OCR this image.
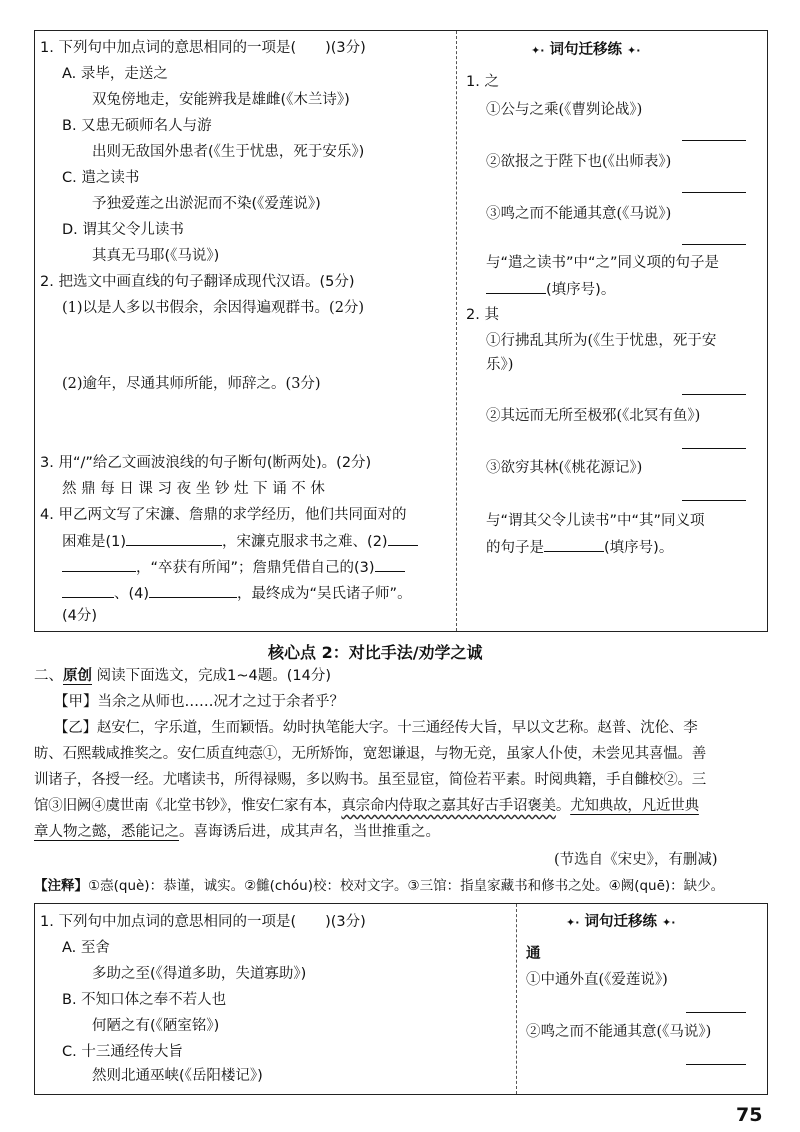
1. 下列句中加点词的意思相同的一项是(　　)(3分)
A. 录毕，走送之
双兔傍地走，安能辨我是雄雌(《木兰诗》)
B. 又患无硕师名人与游
出则无敌国外患者(《生于忧患，死于安乐》)
C. 遣之读书
予独爱莲之出淤泥而不染(《爱莲说》)
D. 谓其父令儿读书
其真无马耶(《马说》)
2. 把选文中画直线的句子翻译成现代汉语。(5分)
(1)以是人多以书假余，余因得遍观群书。(2分)
(2)逾年，尽通其师所能，师辞之。(3分)
3. 用“/”给乙文画波浪线的句子断句(断两处)。(2分)
然 鼎 每 日 课 习 夜 坐 钞 灶 下 诵 不 休
4. 甲乙两文写了宋濂、詹鼎的求学经历，他们共同面对的
困难是(1)	，宋濂克服求书之难、(2)
，“卒获有所闻”；詹鼎凭借自己的(3)
、(4)	，最终成为“吴氏诸子师”。
(4分)
✦· 词句迁移练 ✦·
1. 之
①公与之乘(《曹刿论战》)
②欲报之于陛下也(《出师表》)
③鸣之而不能通其意(《马说》)
与“遣之读书”中“之”同义项的句子是
(填序号)。
2. 其
①行拂乱其所为(《生于忧患，死于安
乐》)
②其远而无所至极邪(《北冥有鱼》)
③欲穷其林(《桃花源记》)
与“谓其父令儿读书”中“其”同义项
的句子是	(填序号)。
核心点 2：对比手法/劝学之诚
二、原创 阅读下面选文，完成1~4题。(14分)
【甲】当余之从师也……况才之过于余者乎？
【乙】赵安仁，字乐道，生而颖悟。幼时执笔能大字。十三通经传大旨，早以文艺称。赵普、沈伦、李
昉、石熙载咸推奖之。安仁质直纯悫①，无所矫饰，宽恕谦退，与物无竞，虽家人仆使，未尝见其喜愠。善
训诸子，各授一经。尤嗜读书，所得禄赐，多以购书。虽至显宦，简俭若平素。时阅典籍，手自雠校②。三
馆③旧阙④虞世南《北堂书钞》，惟安仁家有本，真宗命内侍取之嘉其好古手诏褒美。尤知典故，凡近世典
章人物之懿，悉能记之。喜诲诱后进，成其声名，当世推重之。
(节选自《宋史》，有删减)
【注释】①悫(què)：恭谨，诚实。②雠(chóu)校：校对文字。③三馆：指皇家藏书和修书之处。④阙(quē)：缺少。
1. 下列句中加点词的意思相同的一项是(　　)(3分)
A. 至舍
多助之至(《得道多助，失道寡助》)
B. 不知口体之奉不若人也
何陋之有(《陋室铭》)
C. 十三通经传大旨
然则北通巫峡(《岳阳楼记》)
✦· 词句迁移练 ✦·
通
①中通外直(《爱莲说》)
②鸣之而不能通其意(《马说》)
75
